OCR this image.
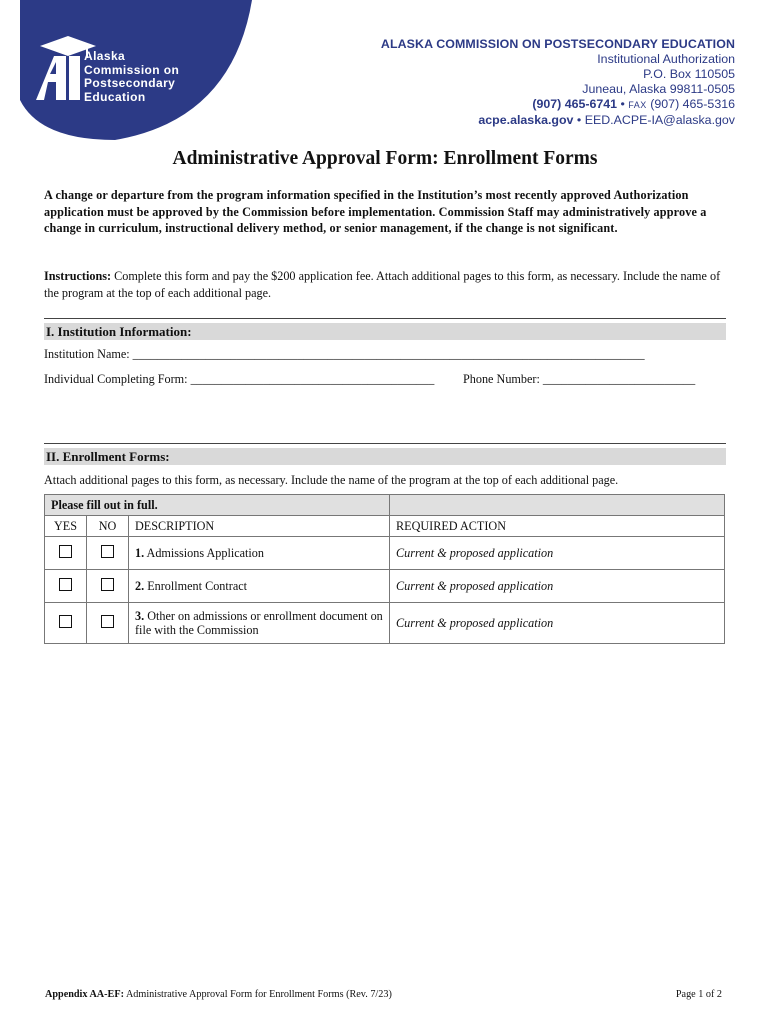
Alaska
Commission on
Postsecondary
Education
ALASKA COMMISSION ON POSTSECONDARY EDUCATION
Institutional Authorization
P.O. Box 110505
Juneau, Alaska 99811-0505
(907) 465-6741 • FAX (907) 465-5316
acpe.alaska.gov • EED.ACPE-IA@alaska.gov
Administrative Approval Form: Enrollment Forms
A change or departure from the program information specified in the Institution’s most recently approved Authorization application must be approved by the Commission before implementation. Commission Staff may administratively approve a change in curriculum, instructional delivery method, or senior management, if the change is not significant.
Instructions: Complete this form and pay the $200 application fee. Attach additional pages to this form, as necessary. Include the name of the program at the top of each additional page.
I. Institution Information:
Institution Name: ____________________________________________________________________________________
Individual Completing Form: ________________________________________ Phone Number: _________________________
II. Enrollment Forms:
Attach additional pages to this form, as necessary. Include the name of the program at the top of each additional page.
Please fill out in full.			
YES	NO	DESCRIPTION	REQUIRED ACTION
		1. Admissions Application	Current & proposed application
		2. Enrollment Contract	Current & proposed application
		3. Other on admissions or enrollment document on file with the Commission	Current & proposed application
Appendix AA-EF: Administrative Approval Form for Enrollment Forms (Rev. 7/23)	Page 1 of 2
